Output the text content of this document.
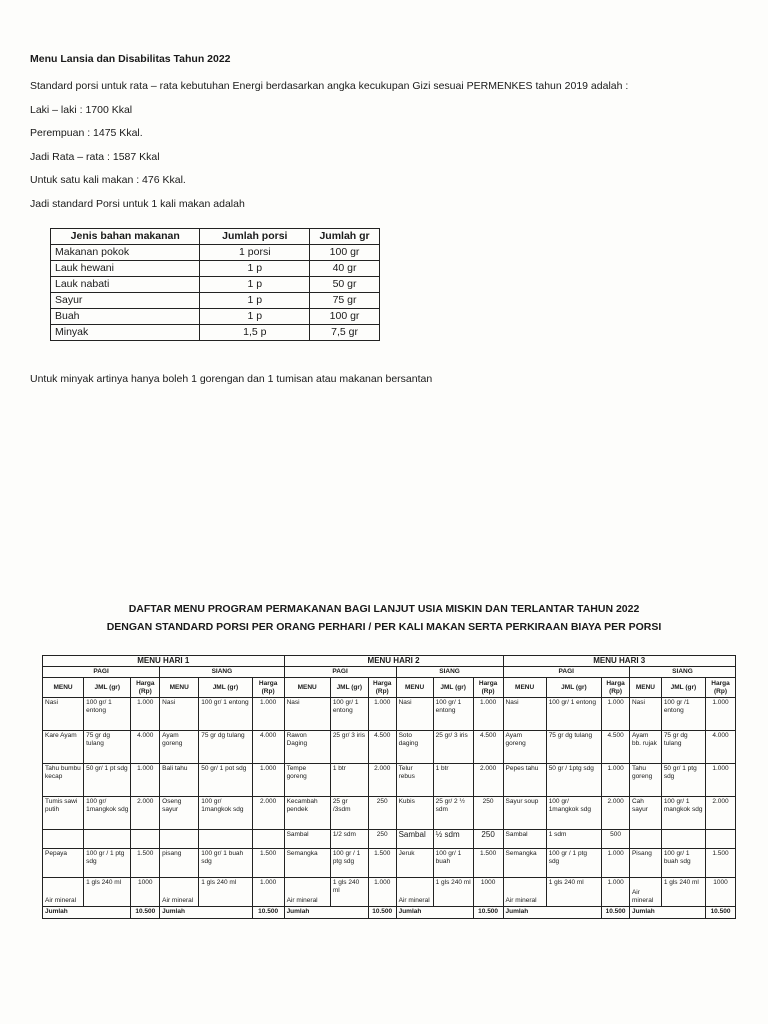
Menu Lansia dan Disabilitas Tahun 2022

Standard porsi untuk rata – rata kebutuhan Energi berdasarkan angka kecukupan Gizi sesuai PERMENKES tahun 2019 adalah :

Laki – laki : 1700 Kkal

Perempuan : 1475 Kkal.

Jadi Rata – rata : 1587 Kkal

Untuk satu kali makan : 476 Kkal.

Jadi standard Porsi untuk 1 kali makan adalah

Jenis bahan makanan	Jumlah porsi	Jumlah gr
Makanan pokok	1 porsi	100 gr
Lauk hewani	1 p	40 gr
Lauk nabati	1 p	50 gr
Sayur	1 p	75 gr
Buah	1 p	100 gr
Minyak	1,5 p	7,5 gr
Untuk minyak artinya hanya boleh 1 gorengan dan 1 tumisan atau makanan bersantan
DAFTAR MENU PROGRAM PERMAKANAN BAGI LANJUT USIA MISKIN DAN TERLANTAR TAHUN 2022
DENGAN STANDARD PORSI PER ORANG PERHARI / PER KALI MAKAN SERTA PERKIRAAN BIAYA PER PORSI
MENU HARI 1						MENU HARI 2						MENU HARI 3					
PAGI			SIANG			PAGI			SIANG			PAGI			SIANG		
MENU	JML (gr)	Harga (Rp)	MENU	JML (gr)	Harga (Rp)	MENU	JML (gr)	Harga (Rp)	MENU	JML (gr)	Harga (Rp)	MENU	JML (gr)	Harga (Rp)	MENU	JML (gr)	Harga (Rp)
Nasi	100 gr/ 1 entong	1.000	Nasi	100 gr/ 1 entong	1.000	Nasi	100 gr/ 1 entong	1.000	Nasi	100 gr/ 1 entong	1.000	Nasi	100 gr/ 1 entong	1.000	Nasi	100 gr /1 entong	1.000
Kare Ayam	75 gr dg tulang	4.000	Ayam goreng	75 gr dg tulang	4.000	Rawon Daging	25 gr/ 3 iris	4.500	Soto daging	25 gr/ 3 iris	4.500	Ayam goreng	75 gr dg tulang	4.500	Ayam bb. rujak	75 gr dg tulang	4.000
Tahu bumbu kecap	50 gr/ 1 pt sdg	1.000	Bali tahu	50 gr/ 1 pot sdg	1.000	Tempe goreng	1 btr	2.000	Telur rebus	1 btr	2.000	Pepes tahu	50 gr / 1ptg sdg	1.000	Tahu goreng	50 gr/ 1 ptg sdg	1.000
Tumis sawi putih	100 gr/ 1mangkok sdg	2.000	Oseng sayur	100 gr/ 1mangkok sdg	2.000	Kecambah pendek	25 gr /3sdm	250	Kubis	25 gr/ 2 ½ sdm	250	Sayur soup	100 gr/ 1mangkok sdg	2.000	Cah sayur	100 gr/ 1 mangkok sdg	2.000
						Sambal	1/2 sdm	250	Sambal	½ sdm	250	Sambal	1 sdm	500			
Pepaya	100 gr / 1 ptg sdg	1.500	pisang	100 gr/ 1 buah sdg	1.500	Semangka	100 gr / 1 ptg sdg	1.500	Jeruk	100 gr/ 1 buah	1.500	Semangka	100 gr / 1 ptg sdg	1.000	Pisang	100 gr/ 1 buah sdg	1.500
Air mineral	1 gls 240 ml	1000	Air mineral	1 gls 240 ml	1.000	Air mineral	1 gls 240 ml	1.000	Air mineral	1 gls 240 ml	1000	Air mineral	1 gls 240 ml	1.000	Air mineral	1 gls 240 ml	1000
Jumlah		10.500	Jumlah		10.500	Jumlah		10.500	Jumlah		10.500	Jumlah		10.500	Jumlah		10.500
